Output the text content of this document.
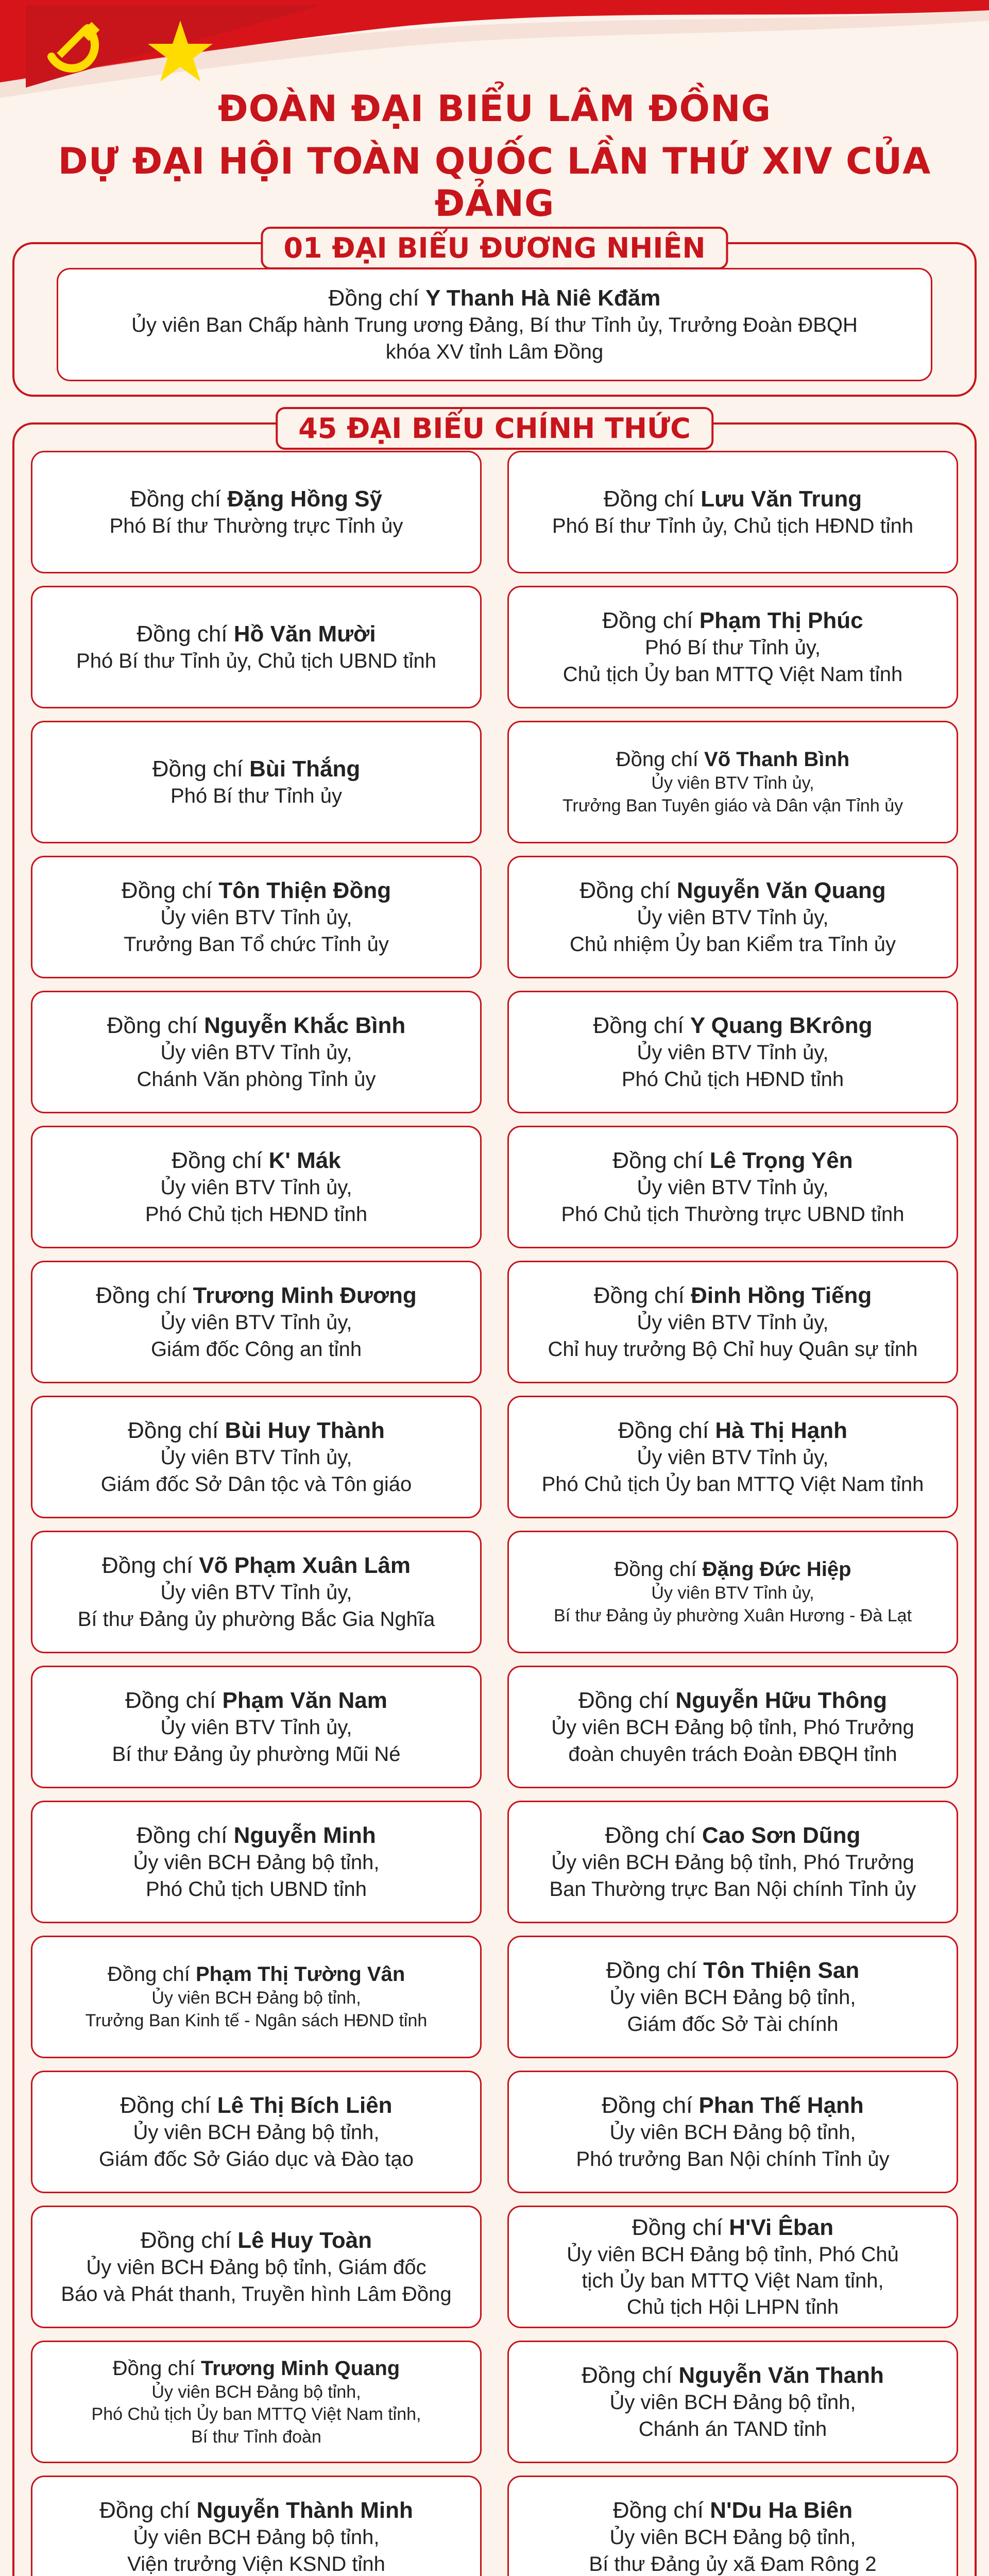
ĐOÀN ĐẠI BIỂU LÂM ĐỒNG
DỰ ĐẠI HỘI TOÀN QUỐC LẦN THỨ XIV CỦA ĐẢNG
01 ĐẠI BIỂU ĐƯƠNG NHIÊN
Đồng chí Y Thanh Hà Niê Kđăm
Ủy viên Ban Chấp hành Trung ương Đảng, Bí thư Tỉnh ủy, Trưởng Đoàn ĐBQH
khóa XV tỉnh Lâm Đồng
45 ĐẠI BIỂU CHÍNH THỨC
Đồng chí Đặng Hồng Sỹ
Phó Bí thư Thường trực Tỉnh ủy
Đồng chí Lưu Văn Trung
Phó Bí thư Tỉnh ủy, Chủ tịch HĐND tỉnh
Đồng chí Hồ Văn Mười
Phó Bí thư Tỉnh ủy, Chủ tịch UBND tỉnh
Đồng chí Phạm Thị Phúc
Phó Bí thư Tỉnh ủy,
Chủ tịch Ủy ban MTTQ Việt Nam tỉnh
Đồng chí Bùi Thắng
Phó Bí thư Tỉnh ủy
Đồng chí Võ Thanh Bình
Ủy viên BTV Tỉnh ủy,
Trưởng Ban Tuyên giáo và Dân vận Tỉnh ủy
Đồng chí Tôn Thiện Đồng
Ủy viên BTV Tỉnh ủy,
Trưởng Ban Tổ chức Tỉnh ủy
Đồng chí Nguyễn Văn Quang
Ủy viên BTV Tỉnh ủy,
Chủ nhiệm Ủy ban Kiểm tra Tỉnh ủy
Đồng chí Nguyễn Khắc Bình
Ủy viên BTV Tỉnh ủy,
Chánh Văn phòng Tỉnh ủy
Đồng chí Y Quang BKrông
Ủy viên BTV Tỉnh ủy,
Phó Chủ tịch HĐND tỉnh
Đồng chí K' Mák
Ủy viên BTV Tỉnh ủy,
Phó Chủ tịch HĐND tỉnh
Đồng chí Lê Trọng Yên
Ủy viên BTV Tỉnh ủy,
Phó Chủ tịch Thường trực UBND tỉnh
Đồng chí Trương Minh Đương
Ủy viên BTV Tỉnh ủy,
Giám đốc Công an tỉnh
Đồng chí Đinh Hồng Tiếng
Ủy viên BTV Tỉnh ủy,
Chỉ huy trưởng Bộ Chỉ huy Quân sự tỉnh
Đồng chí Bùi Huy Thành
Ủy viên BTV Tỉnh ủy,
Giám đốc Sở Dân tộc và Tôn giáo
Đồng chí Hà Thị Hạnh
Ủy viên BTV Tỉnh ủy,
Phó Chủ tịch Ủy ban MTTQ Việt Nam tỉnh
Đồng chí Võ Phạm Xuân Lâm
Ủy viên BTV Tỉnh ủy,
Bí thư Đảng ủy phường Bắc Gia Nghĩa
Đồng chí Đặng Đức Hiệp
Ủy viên BTV Tỉnh ủy,
Bí thư Đảng ủy phường Xuân Hương - Đà Lạt
Đồng chí Phạm Văn Nam
Ủy viên BTV Tỉnh ủy,
Bí thư Đảng ủy phường Mũi Né
Đồng chí Nguyễn Hữu Thông
Ủy viên BCH Đảng bộ tỉnh, Phó Trưởng
đoàn chuyên trách Đoàn ĐBQH tỉnh
Đồng chí Nguyễn Minh
Ủy viên BCH Đảng bộ tỉnh,
Phó Chủ tịch UBND tỉnh
Đồng chí Cao Sơn Dũng
Ủy viên BCH Đảng bộ tỉnh, Phó Trưởng
Ban Thường trực Ban Nội chính Tỉnh ủy
Đồng chí Phạm Thị Tường Vân
Ủy viên BCH Đảng bộ tỉnh,
Trưởng Ban Kinh tế - Ngân sách HĐND tỉnh
Đồng chí Tôn Thiện San
Ủy viên BCH Đảng bộ tỉnh,
Giám đốc Sở Tài chính
Đồng chí Lê Thị Bích Liên
Ủy viên BCH Đảng bộ tỉnh,
Giám đốc Sở Giáo dục và Đào tạo
Đồng chí Phan Thế Hạnh
Ủy viên BCH Đảng bộ tỉnh,
Phó trưởng Ban Nội chính Tỉnh ủy
Đồng chí Lê Huy Toàn
Ủy viên BCH Đảng bộ tỉnh, Giám đốc
Báo và Phát thanh, Truyền hình Lâm Đồng
Đồng chí H'Vi Êban
Ủy viên BCH Đảng bộ tỉnh, Phó Chủ
tịch Ủy ban MTTQ Việt Nam tỉnh,
Chủ tịch Hội LHPN tỉnh
Đồng chí Trương Minh Quang
Ủy viên BCH Đảng bộ tỉnh,
Phó Chủ tịch Ủy ban MTTQ Việt Nam tỉnh,
Bí thư Tỉnh đoàn
Đồng chí Nguyễn Văn Thanh
Ủy viên BCH Đảng bộ tỉnh,
Chánh án TAND tỉnh
Đồng chí Nguyễn Thành Minh
Ủy viên BCH Đảng bộ tỉnh,
Viện trưởng Viện KSND tỉnh
Đồng chí N'Du Ha Biên
Ủy viên BCH Đảng bộ tỉnh,
Bí thư Đảng ủy xã Đam Rông 2
